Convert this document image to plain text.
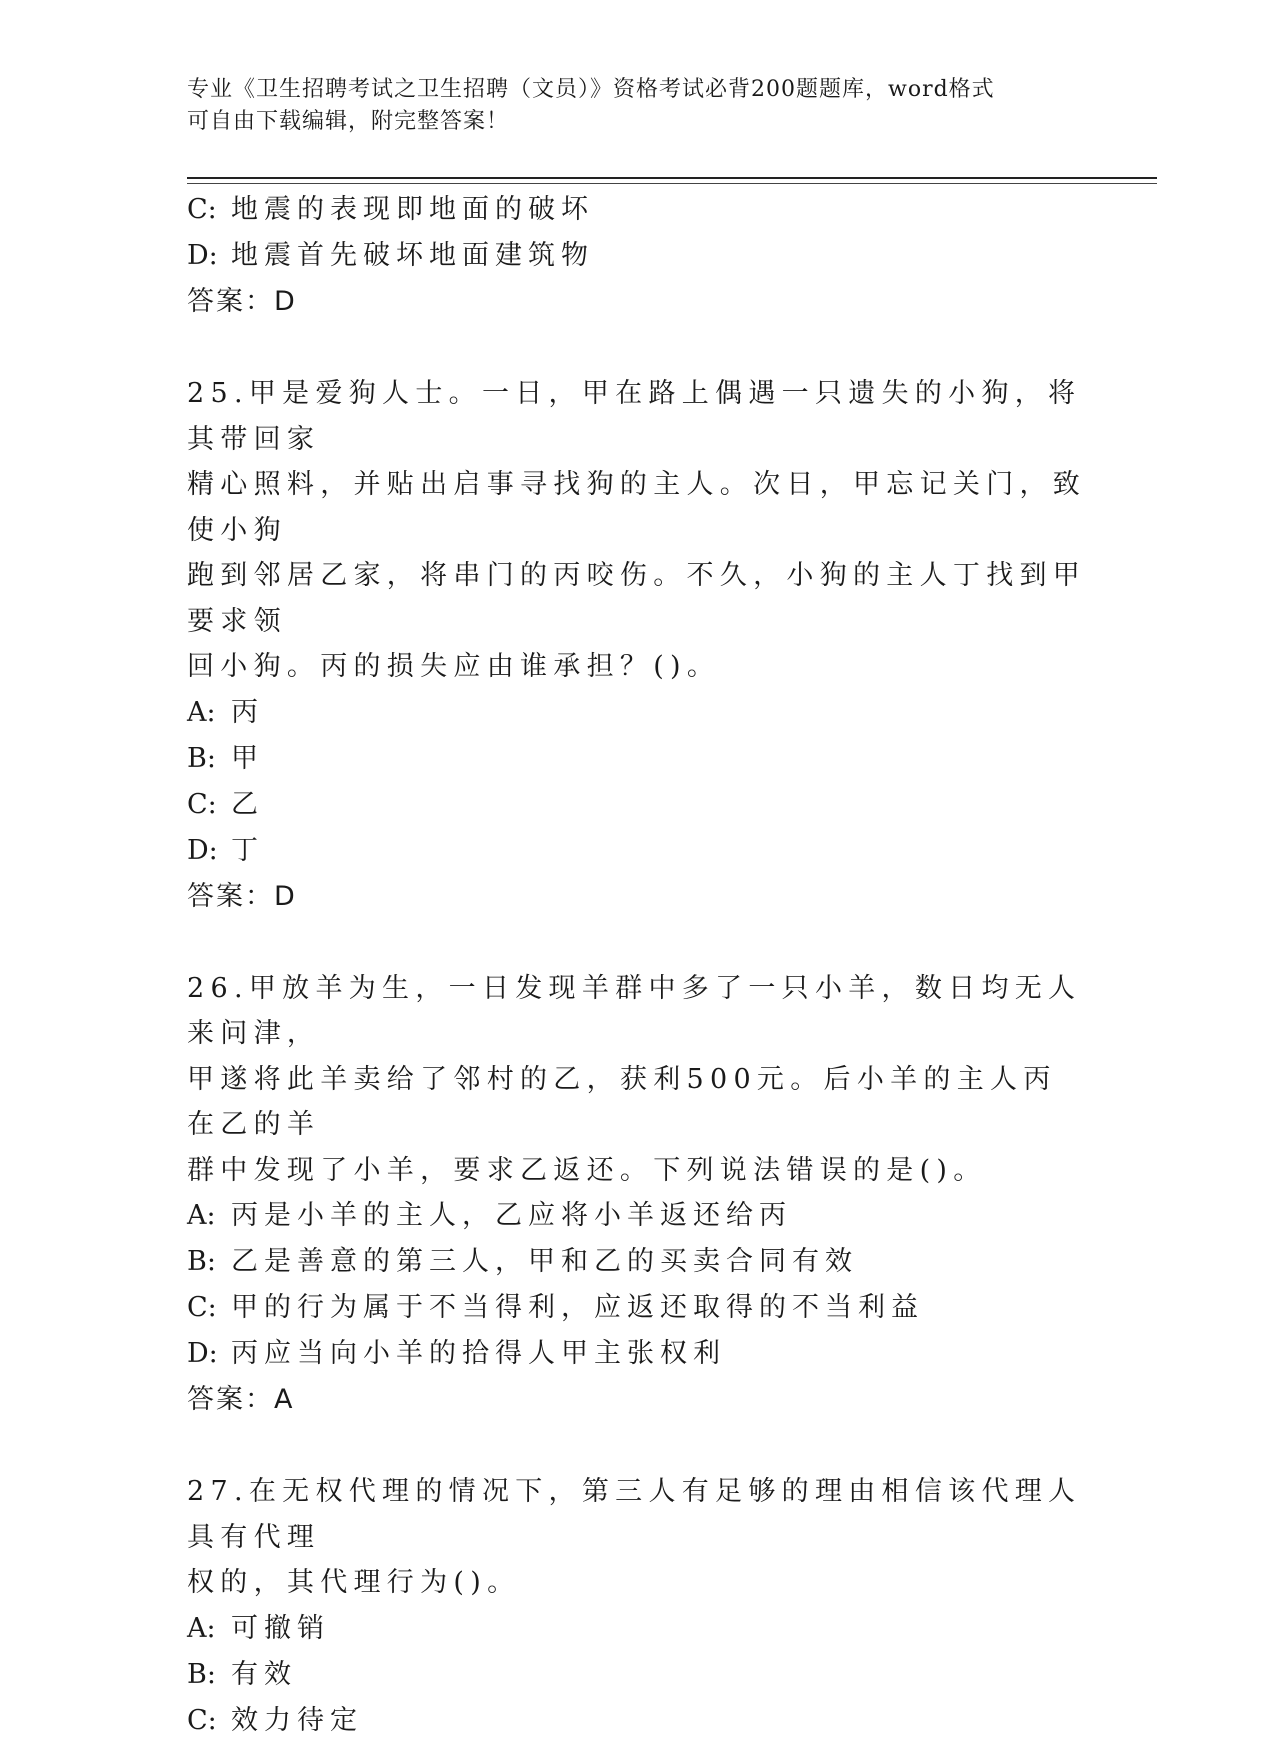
专业《卫生招聘考试之卫生招聘（文员）》资格考试必背200题题库，word格式
可自由下载编辑，附完整答案！
C: 地震的表现即地面的破坏
D: 地震首先破坏地面建筑物
答案：D
25.甲是爱狗人士。一日，甲在路上偶遇一只遗失的小狗，将其带回家
精心照料，并贴出启事寻找狗的主人。次日，甲忘记关门，致使小狗
跑到邻居乙家，将串门的丙咬伤。不久，小狗的主人丁找到甲要求领
回小狗。丙的损失应由谁承担？()。
A: 丙
B: 甲
C: 乙
D: 丁
答案：D
26.甲放羊为生，一日发现羊群中多了一只小羊，数日均无人来问津，
甲遂将此羊卖给了邻村的乙，获利500元。后小羊的主人丙在乙的羊
群中发现了小羊，要求乙返还。下列说法错误的是()。
A: 丙是小羊的主人，乙应将小羊返还给丙
B: 乙是善意的第三人，甲和乙的买卖合同有效
C: 甲的行为属于不当得利，应返还取得的不当利益
D: 丙应当向小羊的拾得人甲主张权利
答案：A
27.在无权代理的情况下，第三人有足够的理由相信该代理人具有代理
权的，其代理行为()。
A: 可撤销
B: 有效
C: 效力待定
